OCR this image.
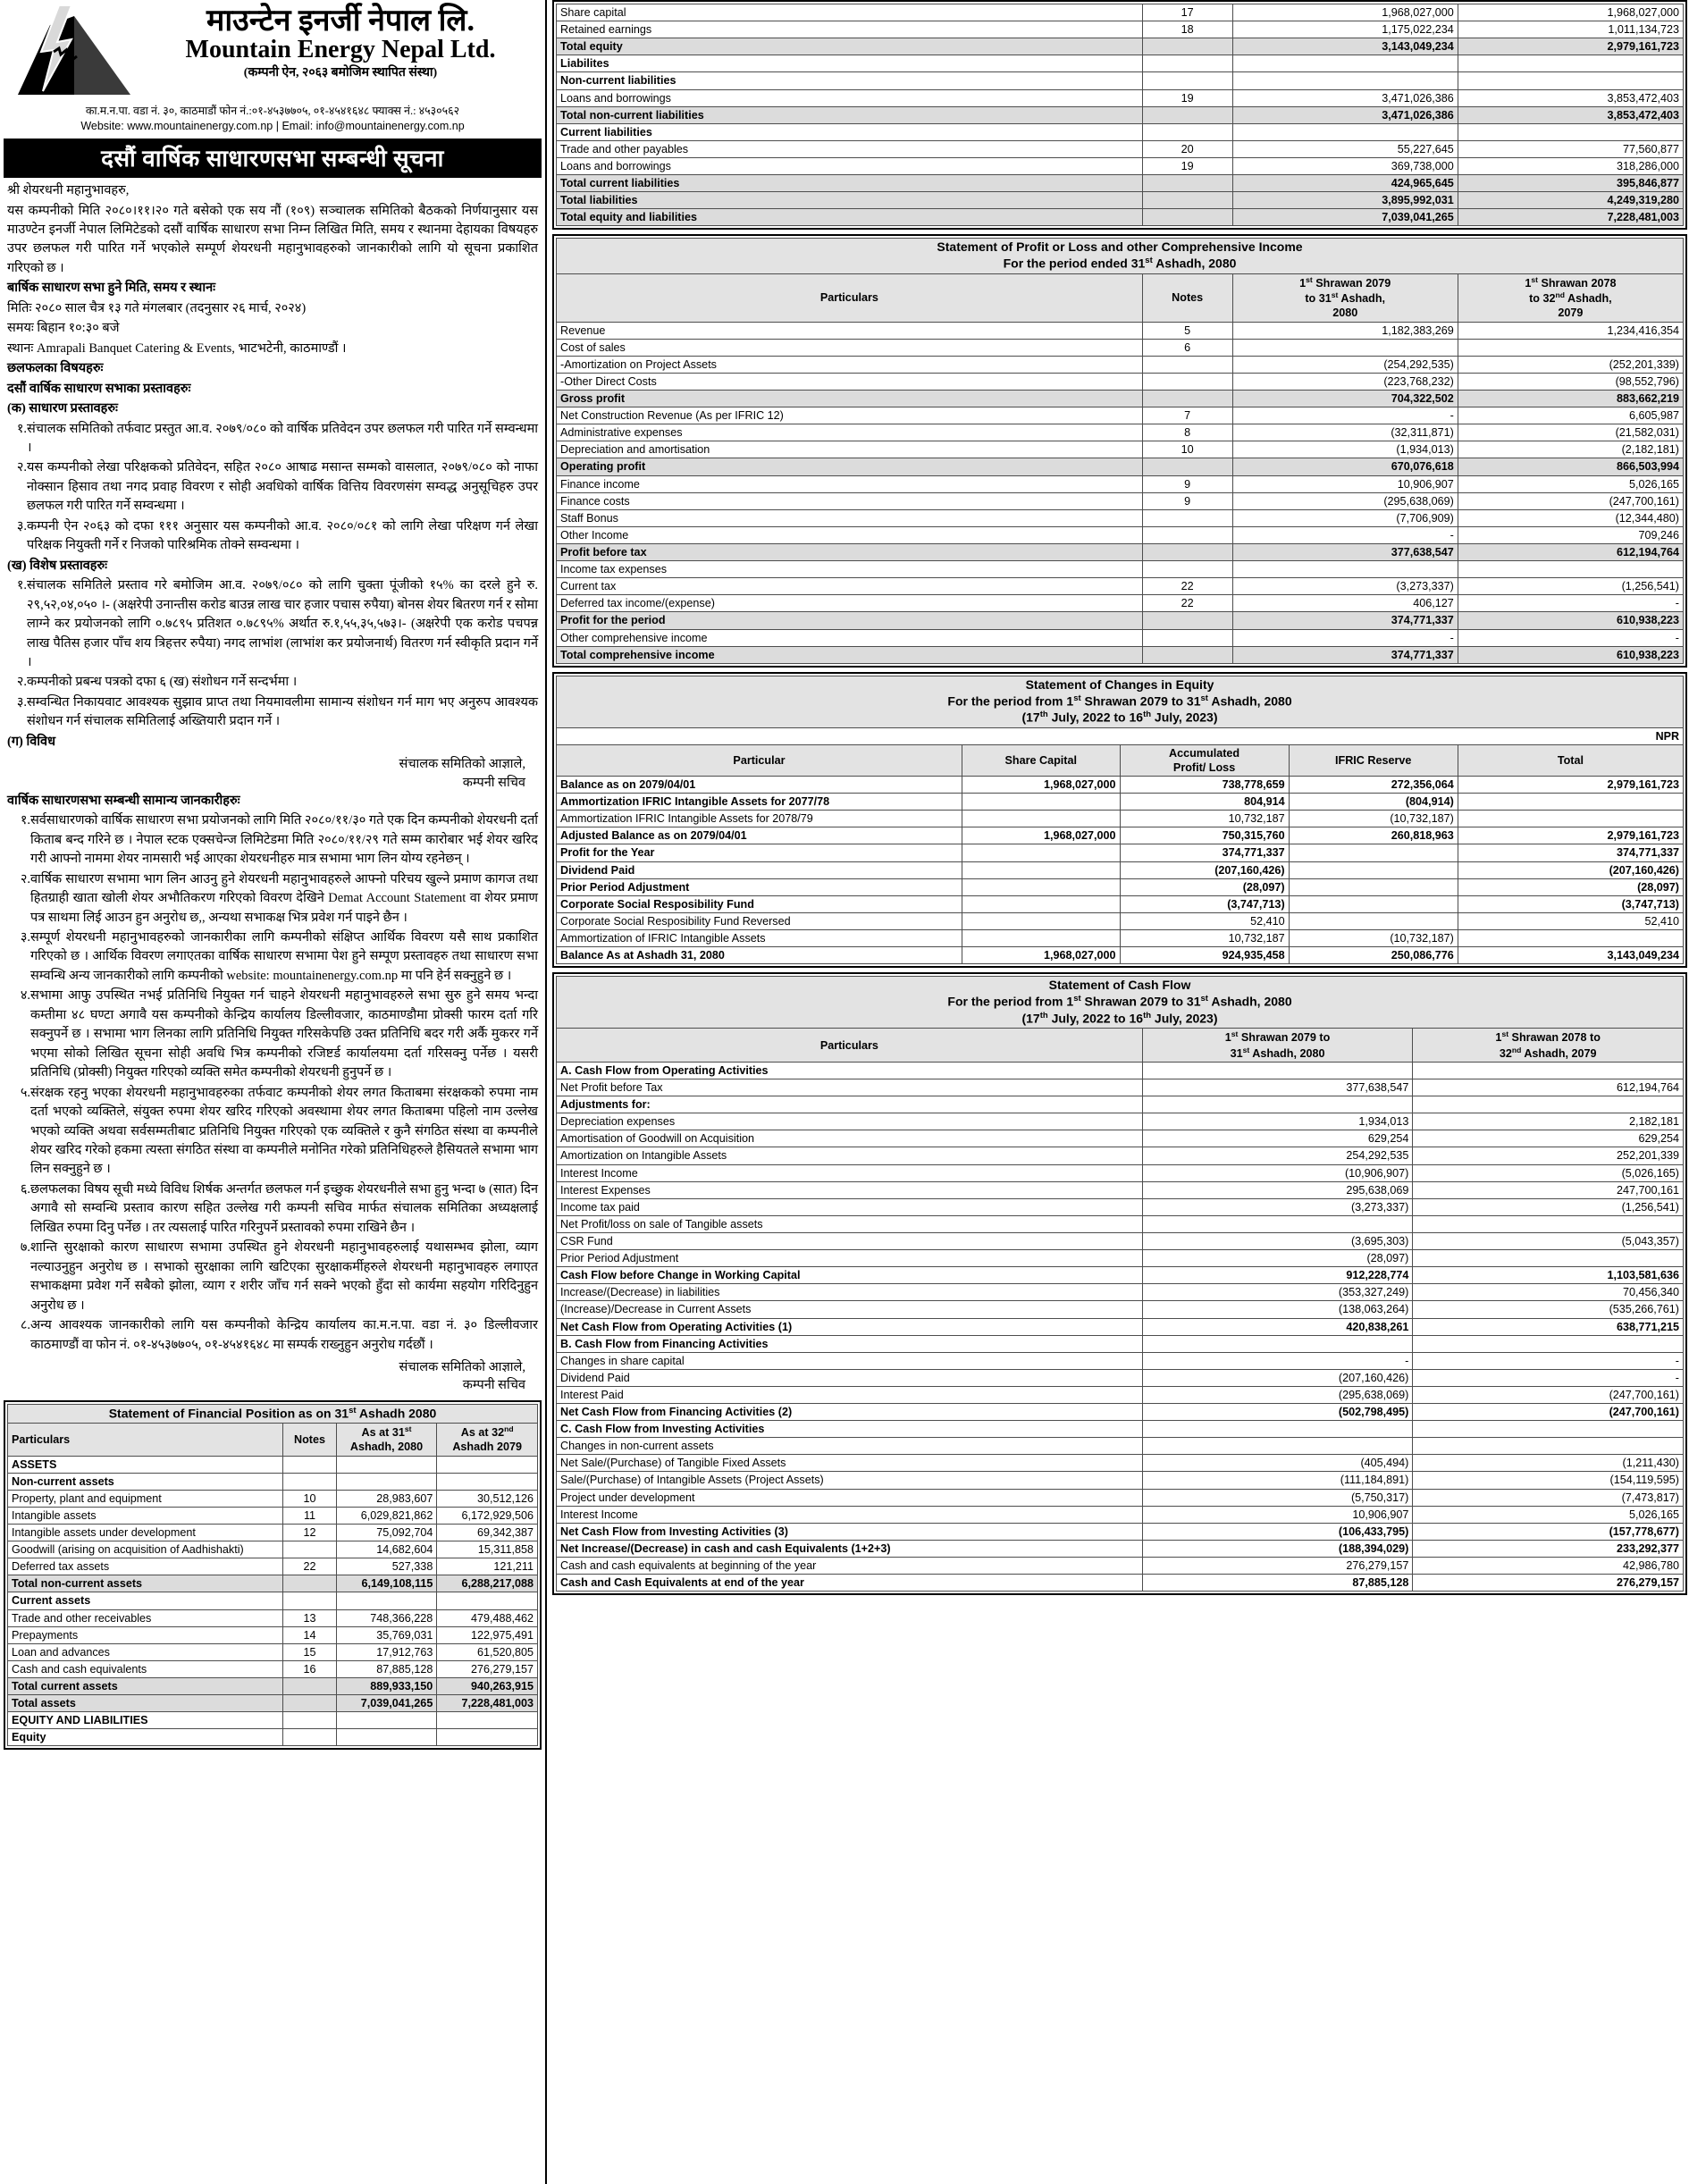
माउन्टेन इनर्जी नेपाल लि.
Mountain Energy Nepal Ltd.
(कम्पनी ऐन, २०६३ बमोजिम स्थापित संस्था)
का.म.न.पा. वडा नं. ३०, काठमाडौं फोन नं.:०१-४५३७७०५, ०१-४५४१६४८ फ्याक्स नं.: ४५३०५६२
Website: www.mountainenergy.com.np | Email: info@mountainenergy.com.np
दसौं वार्षिक साधारणसभा सम्बन्धी सूचना

श्री शेयरधनी महानुभावहरु,

यस कम्पनीको मिति २०८०।११।२० गते बसेको एक सय नौं (१०९) सञ्चालक समितिको बैठकको निर्णयानुसार यस माउण्टेन इनर्जी नेपाल लिमिटेडको दसौं वार्षिक साधारण सभा निम्न लिखित मिति, समय र स्थानमा देहायका विषयहरु उपर छलफल गरी पारित गर्ने भएकोले सम्पूर्ण शेयरधनी महानुभावहरुको जानकारीको लागि यो सूचना प्रकाशित गरिएको छ ।

बार्षिक साधारण सभा हुने मिति, समय र स्थानः

मितिः २०८० साल चैत्र १३ गते मंगलबार (तदनुसार २६ मार्च, २०२४)

समयः बिहान १०:३० बजे

स्थानः Amrapali Banquet Catering & Events, भाटभटेनी, काठमाण्डौं ।

छलफलका विषयहरुः

दसौं वार्षिक साधारण सभाका प्रस्तावहरुः

(क) साधारण प्रस्तावहरुः

१. संचालक समितिको तर्फवाट प्रस्तुत आ.व. २०७९/०८० को वार्षिक प्रतिवेदन उपर छलफल गरी पारित गर्ने सम्वन्धमा ।
२. यस कम्पनीको लेखा परिक्षकको प्रतिवेदन, सहित २०८० आषाढ मसान्त सम्मको वासलात, २०७९/०८० को नाफा नोक्सान हिसाव तथा नगद प्रवाह विवरण र सोही अवधिको वार्षिक वित्तिय विवरणसंग सम्वद्ध अनुसूचिहरु उपर छलफल गरी पारित गर्ने सम्वन्धमा ।
३. कम्पनी ऐन २०६३ को दफा १११ अनुसार यस कम्पनीको आ.व. २०८०/०८१ को लागि लेखा परिक्षण गर्न लेखा परिक्षक नियुक्ती गर्ने र निजको पारिश्रमिक तोक्ने सम्वन्धमा ।

(ख) विशेष प्रस्तावहरुः

१. संचालक समितिले प्रस्ताव गरे बमोजिम आ.व. २०७९/०८० को लागि चुक्ता पूंजीको १५% का दरले हुने रु. २९,५२,०४,०५० ।- (अक्षरेपी उनान्तीस करोड बाउन्न लाख चार हजार पचास रुपैया) बोनस शेयर बितरण गर्न र सोमा लाग्ने कर प्रयोजनको लागि ०.७८९५ प्रतिशत ०.७८९५% अर्थात रु.१,५५,३५,५७३।- (अक्षरेपी एक करोड पचपन्न लाख पैतिस हजार पाँच शय त्रिहत्तर रुपैया) नगद लाभांश (लाभांश कर प्रयोजनार्थ) वितरण गर्न स्वीकृति प्रदान गर्ने ।
२. कम्पनीको प्रबन्ध पत्रको दफा ६ (ख) संशोधन गर्ने सन्दर्भमा ।
३. सम्वन्धित निकायवाट आवश्यक सुझाव प्राप्त तथा नियमावलीमा सामान्य संशोधन गर्न माग भए अनुरुप आवश्यक संशोधन गर्न संचालक समितिलाई अख्तियारी प्रदान गर्ने ।

(ग) विविध

संचालक समितिको आज्ञाले,
कम्पनी सचिव

वार्षिक साधारणसभा सम्बन्धी सामान्य जानकारीहरुः

१. सर्वसाधारणको वार्षिक साधारण सभा प्रयोजनको लागि मिति २०८०/११/३० गते एक दिन कम्पनीको शेयरधनी दर्ता किताब बन्द गरिने छ । नेपाल स्टक एक्सचेन्ज लिमिटेडमा मिति २०८०/११/२९ गते सम्म कारोबार भई शेयर खरिद गरी आफ्नो नाममा शेयर नामसारी भई आएका शेयरधनीहरु मात्र सभामा भाग लिन योग्य रहनेछन् ।
२. वार्षिक साधारण सभामा भाग लिन आउनु हुने शेयरधनी महानुभावहरुले आफ्नो परिचय खुल्ने प्रमाण कागज तथा हितग्राही खाता खोली शेयर अभौतिकरण गरिएको विवरण देखिने Demat Account Statement वा शेयर प्रमाण पत्र साथमा लिई आउन हुन अनुरोध छ,, अन्यथा सभाकक्ष भित्र प्रवेश गर्न पाइने छैन ।
३. सम्पूर्ण शेयरधनी महानुभावहरुको जानकारीका लागि कम्पनीको संक्षिप्त आर्थिक विवरण यसै साथ प्रकाशित गरिएको छ । आर्थिक विवरण लगाएतका वार्षिक साधारण सभामा पेश हुने सम्पूण प्रस्तावहरु तथा साधारण सभा सम्वन्धि अन्य जानकारीको लागि कम्पनीको website: mountainenergy.com.np मा पनि हेर्न सक्नुहुने छ ।
४. सभामा आफु उपस्थित नभई प्रतिनिधि नियुक्त गर्न चाहने शेयरधनी महानुभावहरुले सभा सुरु हुने समय भन्दा कम्तीमा ४८ घण्टा अगावै यस कम्पनीको केन्द्रिय कार्यालय डिल्लीवजार, काठमाण्डौमा प्रोक्सी फारम दर्ता गरि सक्नुपर्ने छ । सभामा भाग लिनका लागि प्रतिनिधि नियुक्त गरिसकेपछि उक्त प्रतिनिधि बदर गरी अर्कै मुकरर गर्ने भएमा सोको लिखित सूचना सोही अवधि भित्र कम्पनीको रजिष्टर्ड कार्यालयमा दर्ता गरिसक्नु पर्नेछ । यसरी प्रतिनिधि (प्रोक्सी) नियुक्त गरिएको व्यक्ति समेत कम्पनीको शेयरधनी हुनुपर्ने छ ।
५. संरक्षक रहनु भएका शेयरधनी महानुभावहरुका तर्फवाट कम्पनीको शेयर लगत किताबमा संरक्षकको रुपमा नाम दर्ता भएको व्यक्तिले, संयुक्त रुपमा शेयर खरिद गरिएको अवस्थामा शेयर लगत किताबमा पहिलो नाम उल्लेख भएको व्यक्ति अथवा सर्वसम्मतीबाट प्रतिनिधि नियुक्त गरिएको एक व्यक्तिले र कुनै संगठित संस्था वा कम्पनीले शेयर खरिद गरेको हकमा त्यस्ता संगठित संस्था वा कम्पनीले मनोनित गरेको प्रतिनिधिहरुले हैसियतले सभामा भाग लिन सक्नुहुने छ ।
६. छलफलका विषय सूची मध्ये विविध शिर्षक अन्तर्गत छलफल गर्न इच्छुक शेयरधनीले सभा हुनु भन्दा ७ (सात) दिन अगावै सो सम्वन्धि प्रस्ताव कारण सहित उल्लेख गरी कम्पनी सचिव मार्फत संचालक समितिका अध्यक्षलाई लिखित रुपमा दिनु पर्नेछ । तर त्यसलाई पारित गरिनुपर्ने प्रस्तावको रुपमा राखिने छैन ।
७. शान्ति सुरक्षाको कारण साधारण सभामा उपस्थित हुने शेयरधनी महानुभावहरुलाई यथासम्भव झोला, व्याग नल्याउनुहुन अनुरोध छ । सभाको सुरक्षाका लागि खटिएका सुरक्षाकर्मीहरुले शेयरधनी महानुभावहरु लगाएत सभाकक्षमा प्रवेश गर्ने सबैको झोला, व्याग र शरीर जाँच गर्न सक्ने भएको हुँदा सो कार्यमा सहयोग गरिदिनुहुन अनुरोध छ ।
८. अन्य आवश्यक जानकारीको लागि यस कम्पनीको केन्द्रिय कार्यालय का.म.न.पा. वडा नं. ३० डिल्लीवजार काठमाण्डौं वा फोन नं. ०१-४५३७७०५, ०१-४५४१६४८ मा सम्पर्क राख्नुहुन अनुरोध गर्दछौं ।
संचालक समितिको आज्ञाले,
कम्पनी सचिव
Statement of Financial Position as on 31st Ashadh 2080			
Particulars	Notes	As at 31st
Ashadh, 2080	As at 32nd
Ashadh 2079
ASSETS			
Non-current assets			
Property, plant and equipment	10	28,983,607	30,512,126
Intangible assets	11	6,029,821,862	6,172,929,506
Intangible assets under development	12	75,092,704	69,342,387
Goodwill (arising on acquisition of Aadhishakti)		14,682,604	15,311,858
Deferred tax assets	22	527,338	121,211
Total non-current assets		6,149,108,115	6,288,217,088
Current assets			
Trade and other receivables	13	748,366,228	479,488,462
Prepayments	14	35,769,031	122,975,491
Loan and advances	15	17,912,763	61,520,805
Cash and cash equivalents	16	87,885,128	276,279,157
Total current assets		889,933,150	940,263,915
Total assets		7,039,041,265	7,228,481,003
EQUITY AND LIABILITIES			
Equity			
Share capital	17	1,968,027,000	1,968,027,000
Retained earnings	18	1,175,022,234	1,011,134,723
Total equity		3,143,049,234	2,979,161,723
Liabilites			
Non-current liabilities			
Loans and borrowings	19	3,471,026,386	3,853,472,403
Total non-current liabilities		3,471,026,386	3,853,472,403
Current liabilities			
Trade and other payables	20	55,227,645	77,560,877
Loans and borrowings	19	369,738,000	318,286,000
Total current liabilities		424,965,645	395,846,877
Total liabilities		3,895,992,031	4,249,319,280
Total equity and liabilities		7,039,041,265	7,228,481,003
Statement of Profit or Loss and other Comprehensive Income
For the period ended 31st Ashadh, 2080			
Particulars	Notes	1st Shrawan 2079
to 31st Ashadh,
2080	1st Shrawan 2078
to 32nd Ashadh,
2079
Revenue	5	1,182,383,269	1,234,416,354
Cost of sales	6		
-Amortization on Project Assets		(254,292,535)	(252,201,339)
-Other Direct Costs		(223,768,232)	(98,552,796)
Gross profit		704,322,502	883,662,219
Net Construction Revenue (As per IFRIC 12)	7	-	6,605,987
Administrative expenses	8	(32,311,871)	(21,582,031)
Depreciation and amortisation	10	(1,934,013)	(2,182,181)
Operating profit		670,076,618	866,503,994
Finance income	9	10,906,907	5,026,165
Finance costs	9	(295,638,069)	(247,700,161)
Staff Bonus		(7,706,909)	(12,344,480)
Other Income		-	709,246
Profit before tax		377,638,547	612,194,764
Income tax expenses			
Current tax	22	(3,273,337)	(1,256,541)
Deferred tax income/(expense)	22	406,127	-
Profit for the period		374,771,337	610,938,223
Other comprehensive income		-	-
Total comprehensive income		374,771,337	610,938,223
Statement of Changes in Equity
For the period from 1st Shrawan 2079 to 31st Ashadh, 2080
(17th July, 2022 to 16th July, 2023)				
NPR				
Particular	Share Capital	Accumulated
Profit/ Loss	IFRIC Reserve	Total
Balance as on 2079/04/01	1,968,027,000	738,778,659	272,356,064	2,979,161,723
Ammortization IFRIC Intangible Assets for 2077/78		804,914	(804,914)	
Ammortization IFRIC Intangible Assets for 2078/79		10,732,187	(10,732,187)	
Adjusted Balance as on 2079/04/01	1,968,027,000	750,315,760	260,818,963	2,979,161,723
Profit for the Year		374,771,337		374,771,337
Dividend Paid		(207,160,426)		(207,160,426)
Prior Period Adjustment		(28,097)		(28,097)
Corporate Social Resposibility Fund		(3,747,713)		(3,747,713)
Corporate Social Resposibility Fund Reversed		52,410		52,410
Ammortization of IFRIC Intangible Assets		10,732,187	(10,732,187)	
Balance As at Ashadh 31, 2080	1,968,027,000	924,935,458	250,086,776	3,143,049,234
Statement of Cash Flow
For the period from 1st Shrawan 2079 to 31st Ashadh, 2080
(17th July, 2022 to 16th July, 2023)		
Particulars	1st Shrawan 2079 to
31st Ashadh, 2080	1st Shrawan 2078 to
32nd Ashadh, 2079
A. Cash Flow from Operating Activities		
Net Profit before Tax	377,638,547	612,194,764
Adjustments for:		
Depreciation expenses	1,934,013	2,182,181
Amortisation of Goodwill on Acquisition	629,254	629,254
Amortization on Intangible Assets	254,292,535	252,201,339
Interest Income	(10,906,907)	(5,026,165)
Interest Expenses	295,638,069	247,700,161
Income tax paid	(3,273,337)	(1,256,541)
Net Profit/loss on sale of Tangible assets		
CSR Fund	(3,695,303)	(5,043,357)
Prior Period Adjustment	(28,097)	
Cash Flow before Change in Working Capital	912,228,774	1,103,581,636
Increase/(Decrease) in liabilities	(353,327,249)	70,456,340
(Increase)/Decrease in Current Assets	(138,063,264)	(535,266,761)
Net Cash Flow from Operating Activities (1)	420,838,261	638,771,215
B. Cash Flow from Financing Activities		
Changes in share capital	-	-
Dividend Paid	(207,160,426)	-
Interest Paid	(295,638,069)	(247,700,161)
Net Cash Flow from Financing Activities (2)	(502,798,495)	(247,700,161)
C. Cash Flow from Investing Activities		
Changes in non-current assets		
Net Sale/(Purchase) of Tangible Fixed Assets	(405,494)	(1,211,430)
Sale/(Purchase) of Intangible Assets (Project Assets)	(111,184,891)	(154,119,595)
Project under development	(5,750,317)	(7,473,817)
Interest Income	10,906,907	5,026,165
Net Cash Flow from Investing Activities (3)	(106,433,795)	(157,778,677)
Net Increase/(Decrease) in cash and cash Equivalents (1+2+3)	(188,394,029)	233,292,377
Cash and cash equivalents at beginning of the year	276,279,157	42,986,780
Cash and Cash Equivalents at end of the year	87,885,128	276,279,157
